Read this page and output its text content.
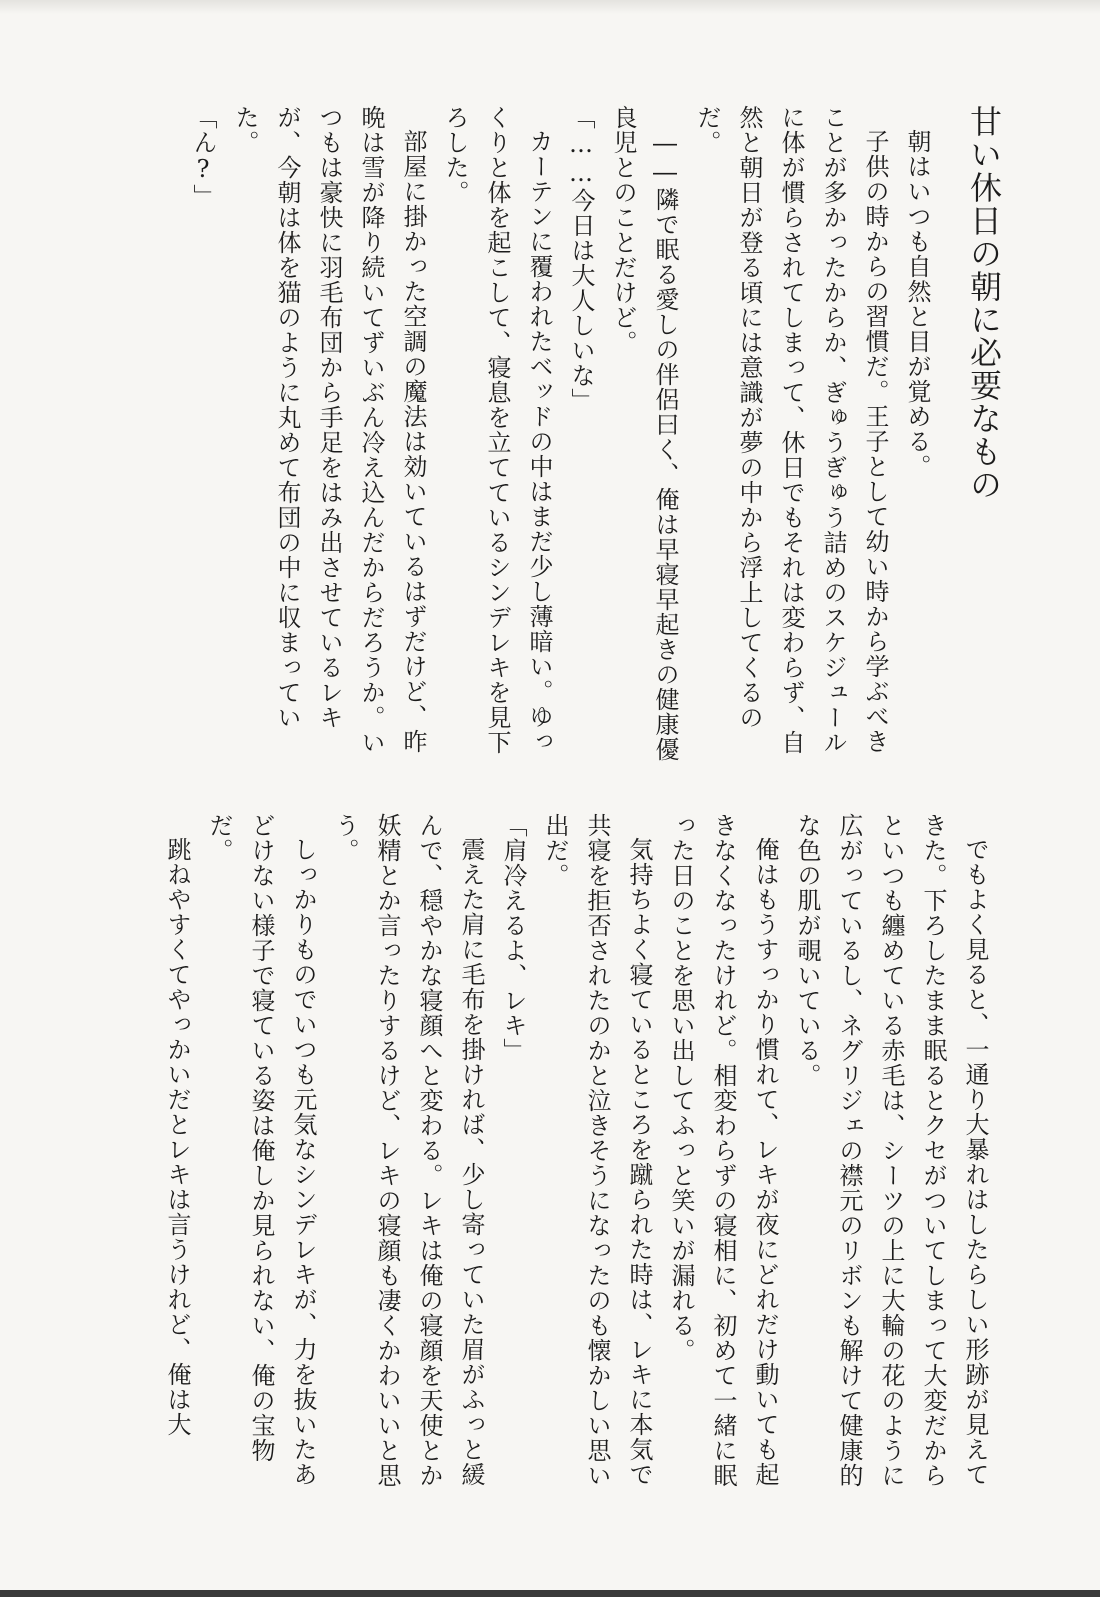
甘い休日の朝に必要なもの

朝はいつも自然と目が覚める。

子供の時からの習慣だ。王子として幼い時から学ぶべきことが多かったからか、ぎゅうぎゅう詰めのスケジュールに体が慣らされてしまって、休日でもそれは変わらず、自然と朝日が登る頃には意識が夢の中から浮上してくるのだ。

――隣で眠る愛しの伴侶曰く、俺は早寝早起きの健康優良児とのことだけど。

「……今日は大人しいな」

カーテンに覆われたベッドの中はまだ少し薄暗い。ゆっくりと体を起こして、寝息を立てているシンデレキを見下ろした。

部屋に掛かった空調の魔法は効いているはずだけど、昨晩は雪が降り続いてずいぶん冷え込んだからだろうか。いつもは豪快に羽毛布団から手足をはみ出させているレキが、今朝は体を猫のように丸めて布団の中に収まっていた。

「ん?」

でもよく見ると、一通り大暴れはしたらしい形跡が見えてきた。下ろしたまま眠るとクセがついてしまって大変だからといつも纏めている赤毛は、シーツの上に大輪の花のように広がっているし、ネグリジェの襟元のリボンも解けて健康的な色の肌が覗いている。

俺はもうすっかり慣れて、レキが夜にどれだけ動いても起きなくなったけれど。相変わらずの寝相に、初めて一緒に眠った日のことを思い出してふっと笑いが漏れる。

気持ちよく寝ているところを蹴られた時は、レキに本気で共寝を拒否されたのかと泣きそうになったのも懐かしい思い出だ。

「肩冷えるよ、レキ」

震えた肩に毛布を掛ければ、少し寄っていた眉がふっと緩んで、穏やかな寝顔へと変わる。レキは俺の寝顔を天使とか妖精とか言ったりするけど、レキの寝顔も凄くかわいいと思う。

しっかりものでいつも元気なシンデレキが、力を抜いたあどけない様子で寝ている姿は俺しか見られない、俺の宝物だ。

跳ねやすくてやっかいだとレキは言うけれど、俺は大
